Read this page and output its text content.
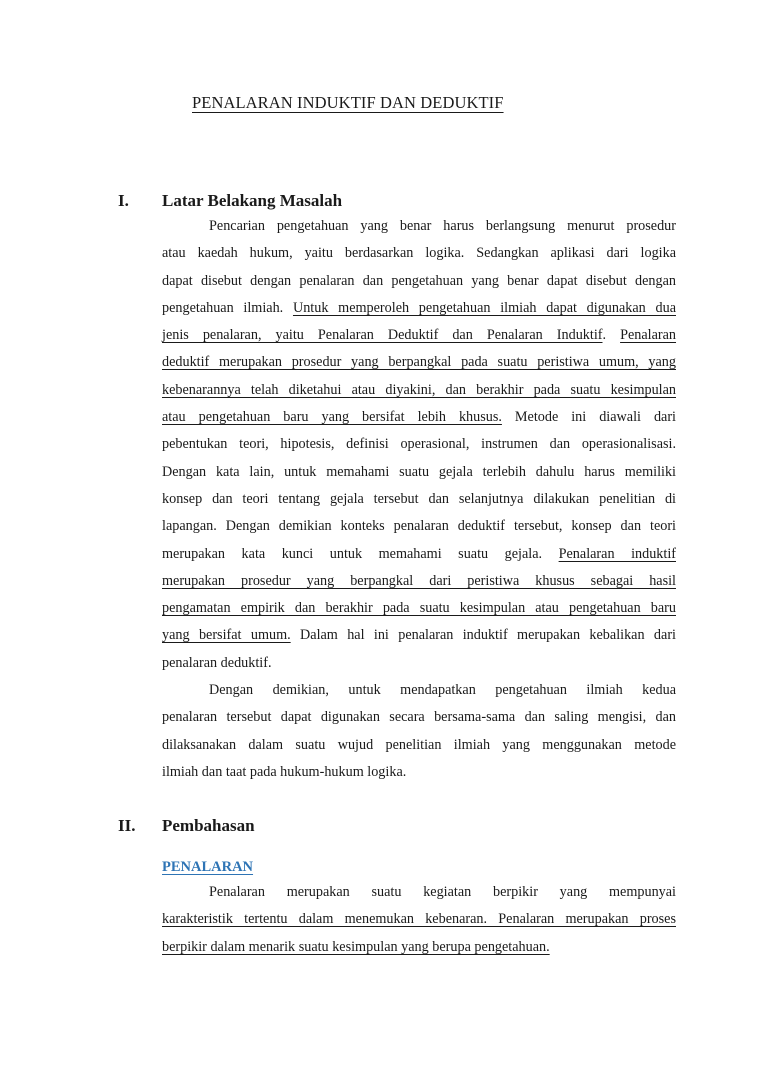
PENALARAN INDUKTIF DAN DEDUKTIF
I. Latar Belakang Masalah
Pencarian pengetahuan yang benar harus berlangsung menurut prosedur
atau kaedah hukum, yaitu berdasarkan logika. Sedangkan aplikasi dari logika
dapat disebut dengan penalaran dan pengetahuan yang benar dapat disebut dengan
pengetahuan ilmiah. Untuk memperoleh pengetahuan ilmiah dapat digunakan dua
jenis penalaran, yaitu Penalaran Deduktif dan Penalaran Induktif. Penalaran
deduktif merupakan prosedur yang berpangkal pada suatu peristiwa umum, yang
kebenarannya telah diketahui atau diyakini, dan berakhir pada suatu kesimpulan
atau pengetahuan baru yang bersifat lebih khusus. Metode ini diawali dari
pebentukan teori, hipotesis, definisi operasional, instrumen dan operasionalisasi.
Dengan kata lain, untuk memahami suatu gejala terlebih dahulu harus memiliki
konsep dan teori tentang gejala tersebut dan selanjutnya dilakukan penelitian di
lapangan. Dengan demikian konteks penalaran deduktif tersebut, konsep dan teori
merupakan kata kunci untuk memahami suatu gejala. Penalaran induktif
merupakan prosedur yang berpangkal dari peristiwa khusus sebagai hasil
pengamatan empirik dan berakhir pada suatu kesimpulan atau pengetahuan baru
yang bersifat umum. Dalam hal ini penalaran induktif merupakan kebalikan dari
penalaran deduktif.
Dengan demikian, untuk mendapatkan pengetahuan ilmiah kedua
penalaran tersebut dapat digunakan secara bersama-sama dan saling mengisi, dan
dilaksanakan dalam suatu wujud penelitian ilmiah yang menggunakan metode
ilmiah dan taat pada hukum-hukum logika.
II. Pembahasan
PENALARAN
Penalaran merupakan suatu kegiatan berpikir yang mempunyai
karakteristik tertentu dalam menemukan kebenaran. Penalaran merupakan proses
berpikir dalam menarik suatu kesimpulan yang berupa pengetahuan.
